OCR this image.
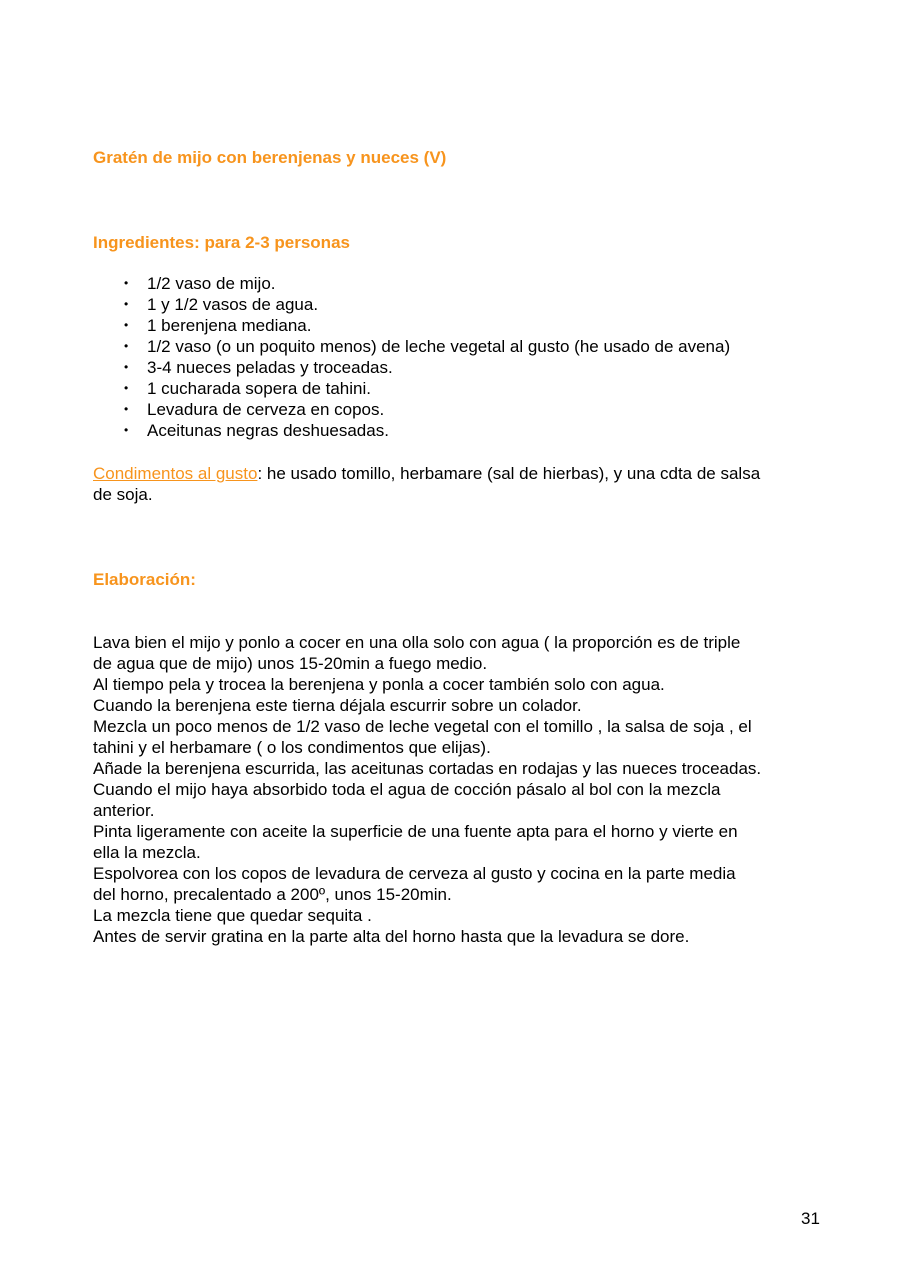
Gratén de mijo con berenjenas y nueces (V)
Ingredientes: para 2-3 personas
• 1/2 vaso de mijo.
• 1 y 1/2 vasos de agua.
• 1 berenjena mediana.
• 1/2 vaso (o un poquito menos) de leche vegetal al gusto (he usado de avena)
• 3-4 nueces peladas y troceadas.
• 1 cucharada sopera de tahini.
• Levadura de cerveza en copos.
• Aceitunas negras deshuesadas.
Condimentos al gusto: he usado tomillo, herbamare (sal de hierbas), y una cdta de salsa
de soja.
Elaboración:
Lava bien el mijo y ponlo a cocer en una olla solo con agua ( la proporción es de triple
de agua que de mijo) unos 15-20min a fuego medio.
Al tiempo pela y trocea la berenjena y ponla a cocer también solo con agua.
Cuando la berenjena este tierna déjala escurrir sobre un colador.
Mezcla un poco menos de 1/2 vaso de leche vegetal con el tomillo , la salsa de soja , el
tahini y el herbamare ( o los condimentos que elijas).
Añade la berenjena escurrida, las aceitunas cortadas en rodajas y las nueces troceadas.
Cuando el mijo haya absorbido toda el agua de cocción pásalo al bol con la mezcla
anterior.
Pinta ligeramente con aceite la superficie de una fuente apta para el horno y vierte en
ella la mezcla.
Espolvorea con los copos de levadura de cerveza al gusto y cocina en la parte media
del horno, precalentado a 200º, unos 15-20min.
La mezcla tiene que quedar sequita .
Antes de servir gratina en la parte alta del horno hasta que la levadura se dore.
31
